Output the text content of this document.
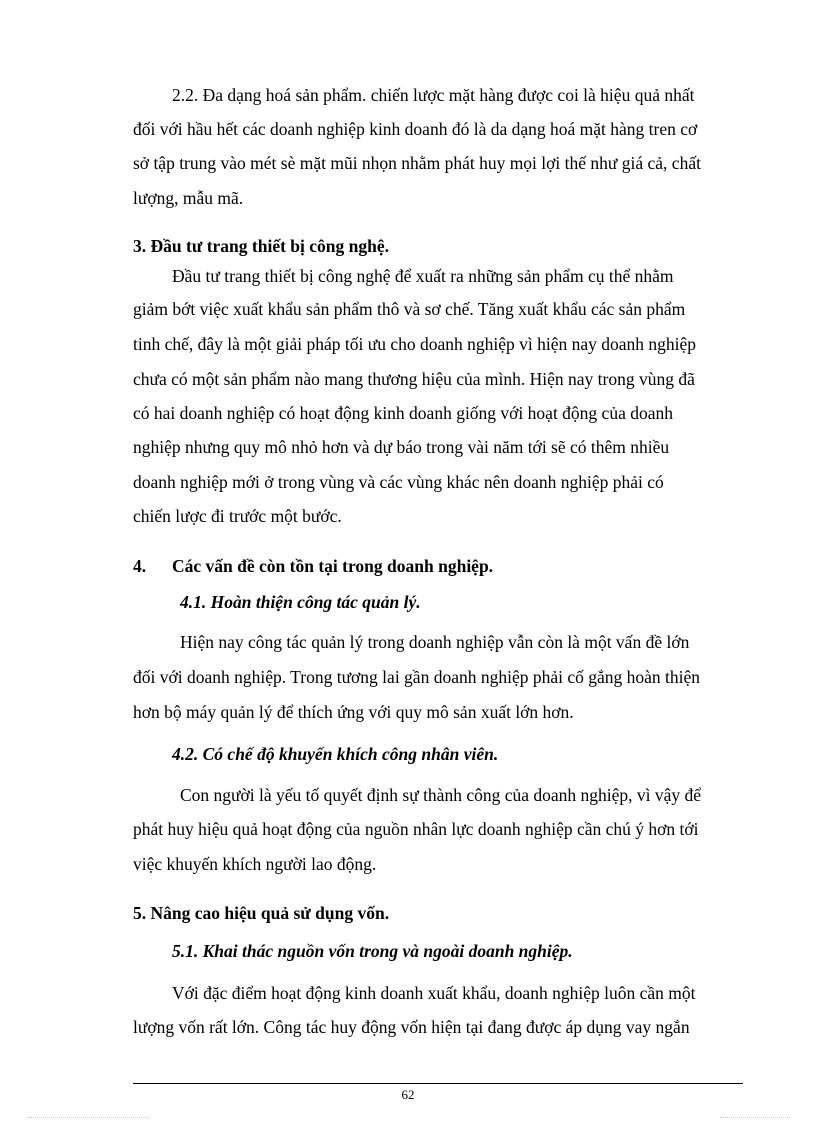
2.2. Đa dạng hoá sản phẩm. chiến lược mặt hàng được coi là hiệu quả nhất
đối với hầu hết các doanh nghiệp kinh doanh đó là da dạng hoá mặt hàng tren cơ
sở tập trung vào mét sè mặt mũi nhọn nhằm phát huy mọi lợi thế như giá cả, chất
lượng, mẫu mã.
3. Đầu tư trang thiết bị công nghệ.
Đầu tư trang thiết bị công nghệ để xuất ra những sản phẩm cụ thể nhằm
giảm bớt việc xuất khẩu sản phẩm thô và sơ chế. Tăng xuất khẩu các sản phẩm
tinh chế, đây là một giải pháp tối ưu cho doanh nghiệp vì hiện nay doanh nghiệp
chưa có một sản phẩm nào mang thương hiệu của mình. Hiện nay trong vùng đã
có hai doanh nghiệp có hoạt động kinh doanh giống với hoạt động của doanh
nghiệp nhưng quy mô nhỏ hơn và dự báo trong vài năm tới sẽ có thêm nhiều
doanh nghiệp mới ở trong vùng và các vùng khác nên doanh nghiệp phải có
chiến lược đi trước một bước.
4. Các vấn đề còn tồn tại trong doanh nghiệp.
4.1. Hoàn thiện công tác quản lý.
Hiện nay công tác quản lý trong doanh nghiệp vẫn còn là một vấn đề lớn
đối với doanh nghiệp. Trong tương lai gần doanh nghiệp phải cố gắng hoàn thiện
hơn bộ máy quản lý để thích ứng với quy mô sản xuất lớn hơn.
4.2. Có chế độ khuyến khích công nhân viên.
Con người là yếu tố quyết định sự thành công của doanh nghiệp, vì vậy để
phát huy hiệu quả hoạt động của nguồn nhân lực doanh nghiệp cần chú ý hơn tới
việc khuyến khích người lao động.
5. Nâng cao hiệu quả sử dụng vốn.
5.1. Khai thác nguồn vốn trong và ngoài doanh nghiệp.
Với đặc điểm hoạt động kinh doanh xuất khẩu, doanh nghiệp luôn cần một
lượng vốn rất lớn. Công tác huy động vốn hiện tại đang được áp dụng vay ngắn
62
